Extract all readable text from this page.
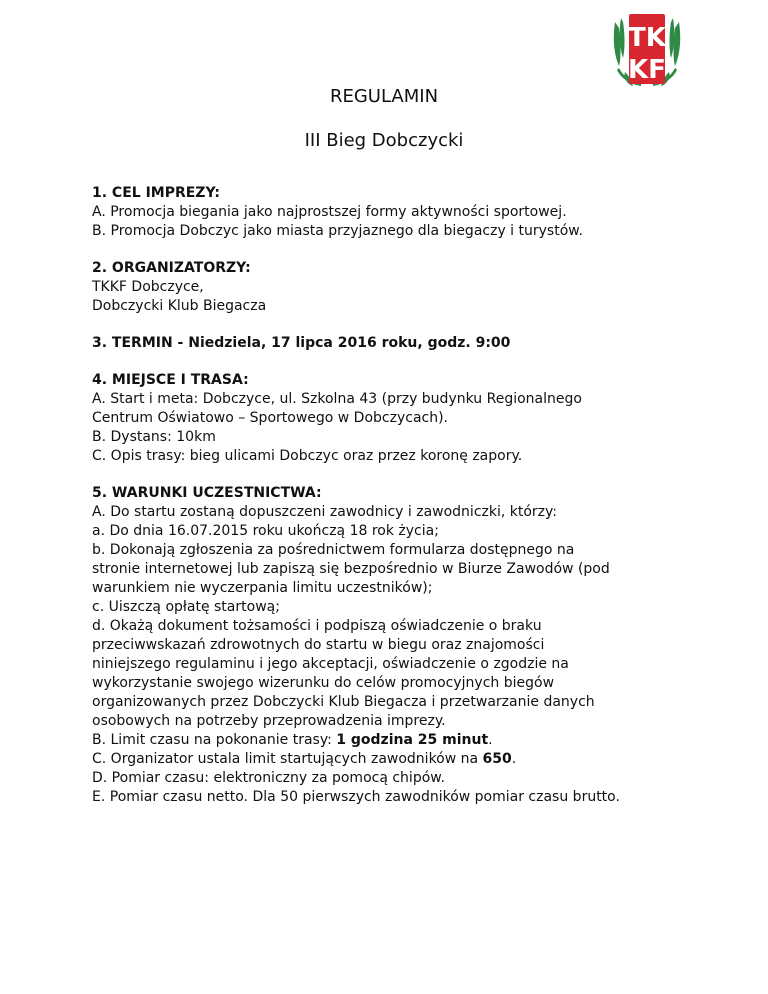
TK
KF
REGULAMIN
III Bieg Dobczycki
1. CEL IMPREZY:
A. Promocja biegania jako najprostszej formy aktywności sportowej.
B. Promocja Dobczyc jako miasta przyjaznego dla biegaczy i turystów.
2. ORGANIZATORZY:
TKKF Dobczyce,
Dobczycki Klub Biegacza
3. TERMIN - Niedziela, 17 lipca 2016 roku, godz. 9:00
4. MIEJSCE I TRASA:
A. Start i meta: Dobczyce, ul. Szkolna 43 (przy budynku Regionalnego
Centrum Oświatowo – Sportowego w Dobczycach).
B. Dystans: 10km
C. Opis trasy: bieg ulicami Dobczyc oraz przez koronę zapory.
5. WARUNKI UCZESTNICTWA:
A. Do startu zostaną dopuszczeni zawodnicy i zawodniczki, którzy:
a. Do dnia 16.07.2015 roku ukończą 18 rok życia;
b. Dokonają zgłoszenia za pośrednictwem formularza dostępnego na
stronie internetowej lub zapiszą się bezpośrednio w Biurze Zawodów (pod
warunkiem nie wyczerpania limitu uczestników);
c. Uiszczą opłatę startową;
d. Okażą dokument tożsamości i podpiszą oświadczenie o braku
przeciwwskazań zdrowotnych do startu w biegu oraz znajomości
niniejszego regulaminu i jego akceptacji, oświadczenie o zgodzie na
wykorzystanie swojego wizerunku do celów promocyjnych biegów
organizowanych przez Dobczycki Klub Biegacza i przetwarzanie danych
osobowych na potrzeby przeprowadzenia imprezy.
B. Limit czasu na pokonanie trasy: 1 godzina 25 minut.
C. Organizator ustala limit startujących zawodników na 650.
D. Pomiar czasu: elektroniczny za pomocą chipów.
E. Pomiar czasu netto. Dla 50 pierwszych zawodników pomiar czasu brutto.
